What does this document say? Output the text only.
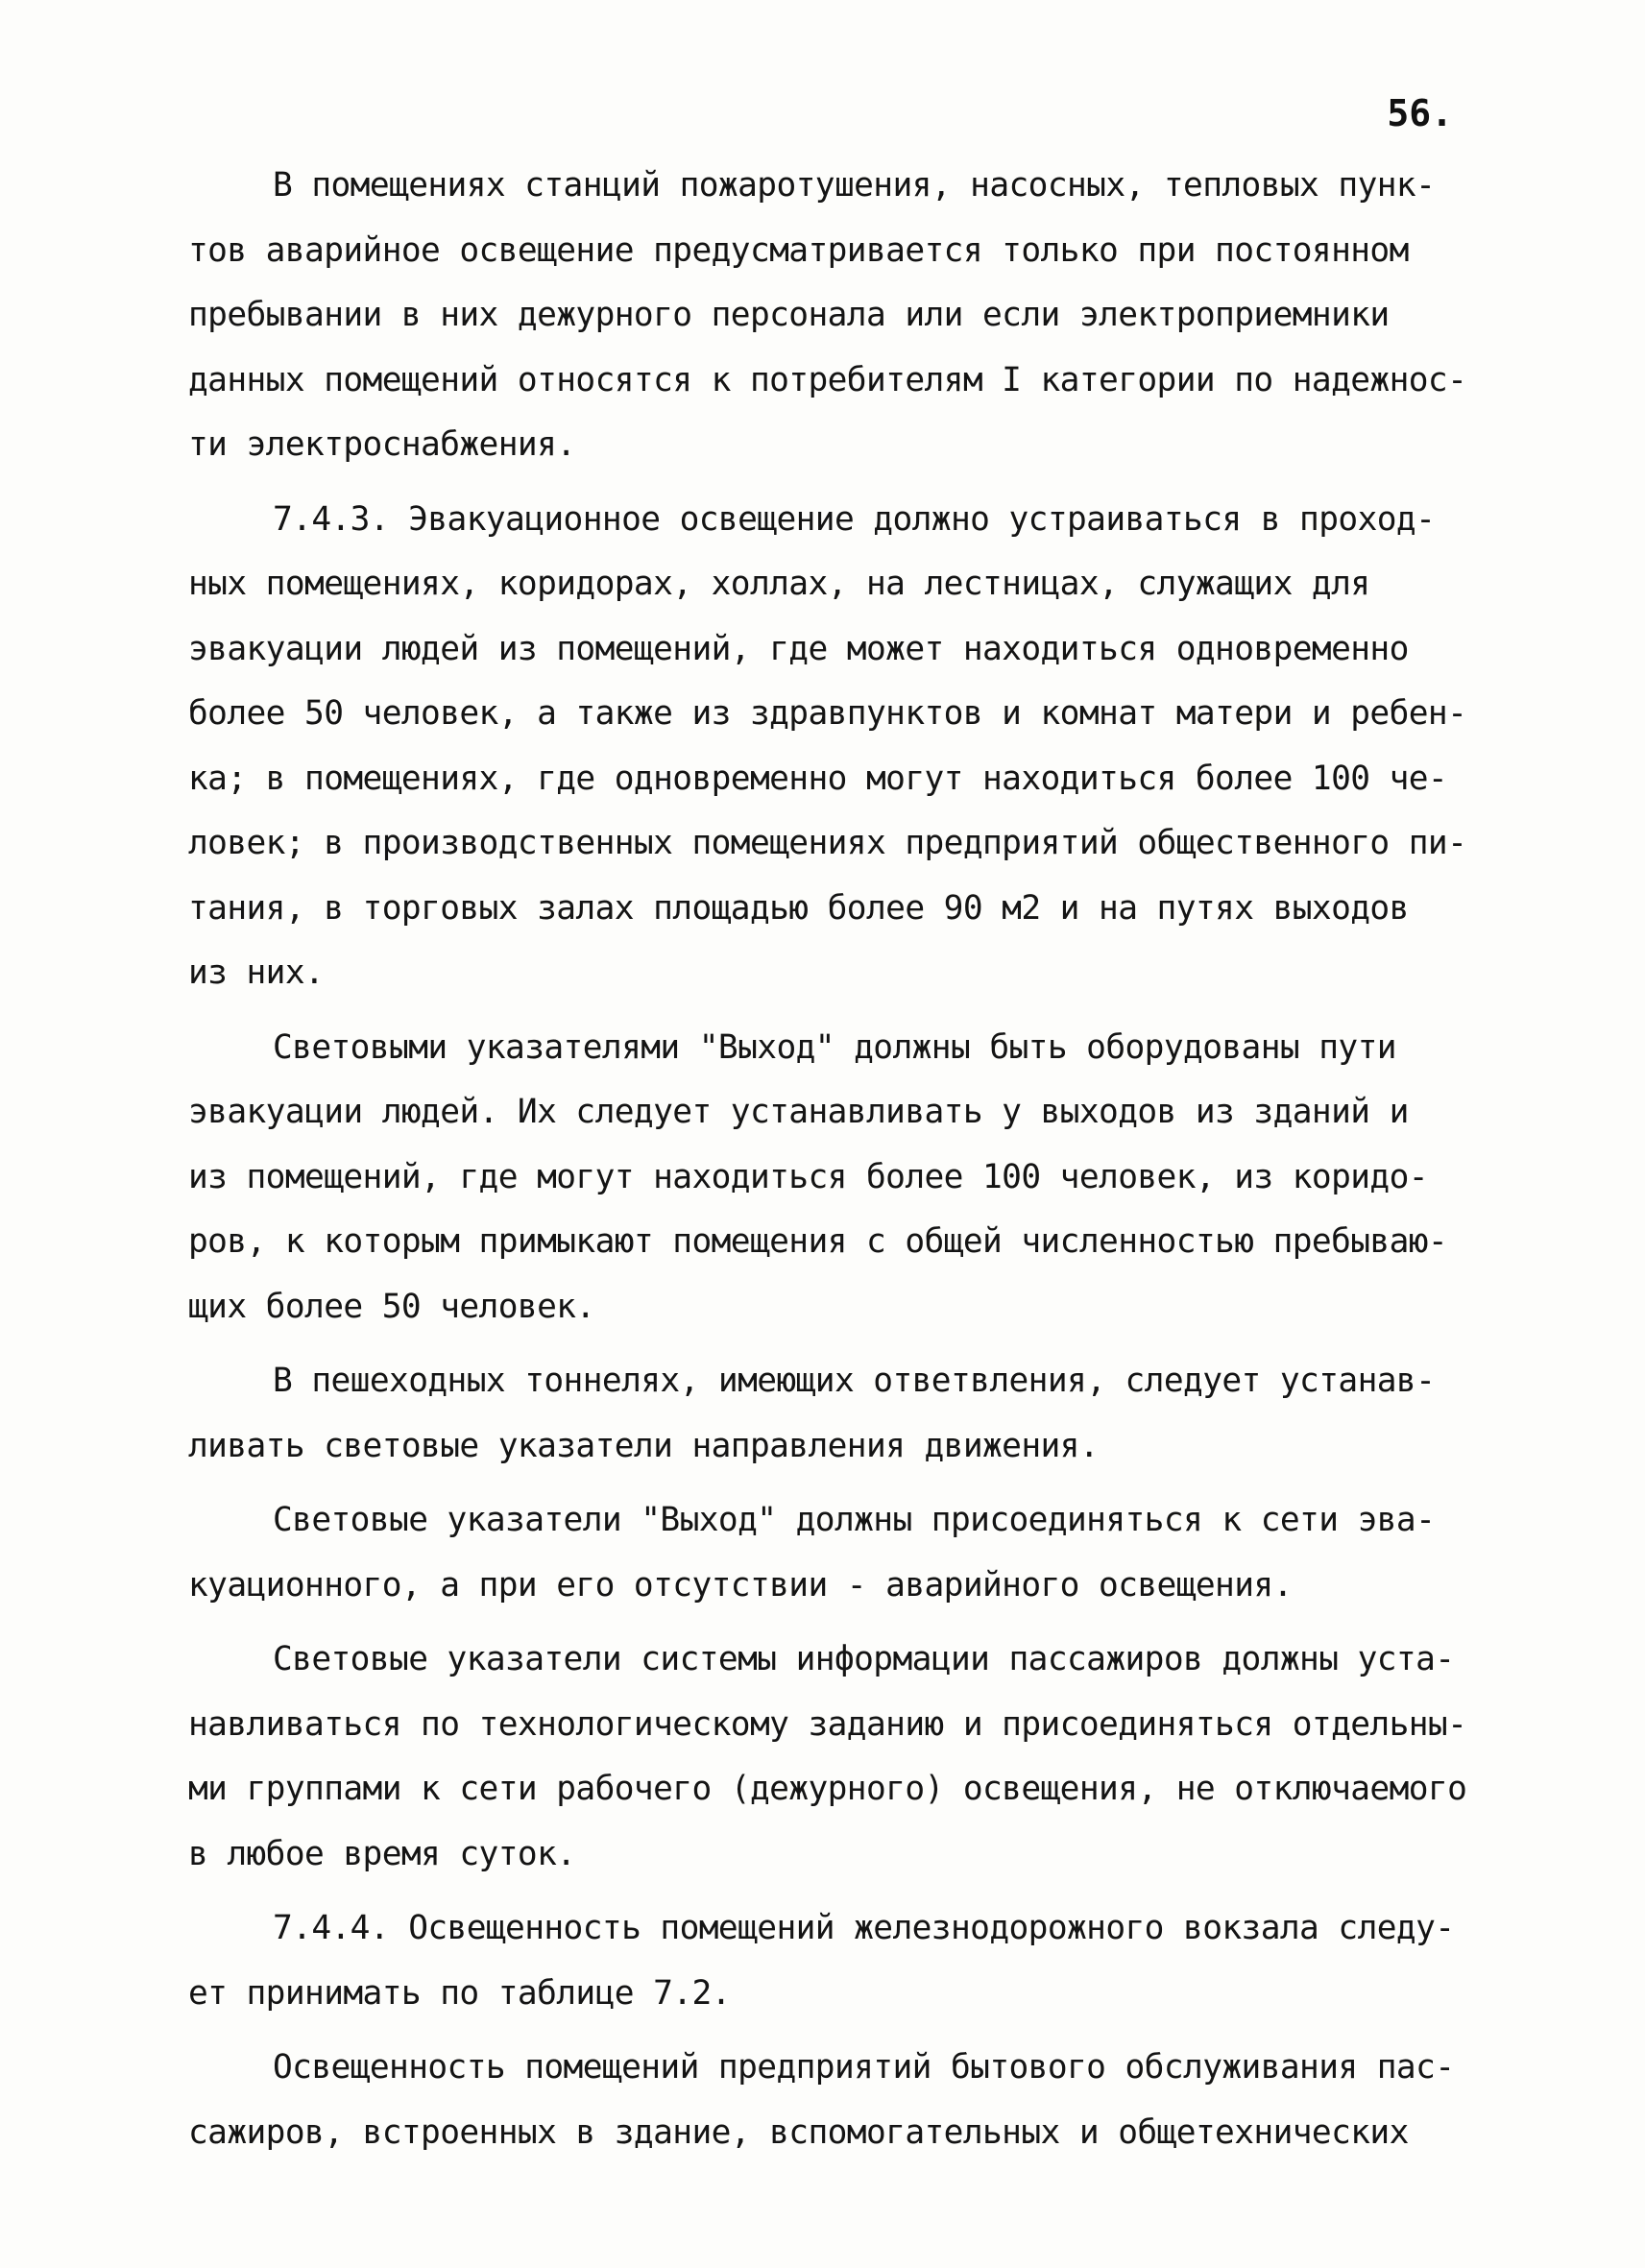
56.
В помещениях станций пожаротушения, насосных, тепловых пунк-
тов аварийное освещение предусматривается только при постоянном
пребывании в них дежурного персонала или если электроприемники
данных помещений относятся к потребителям I категории по надежнос-
ти электроснабжения.
7.4.3. Эвакуационное освещение должно устраиваться в проход-
ных помещениях, коридорах, холлах, на лестницах, служащих для
эвакуации людей из помещений, где может находиться одновременно
более 50 человек, а также из здравпунктов и комнат матери и ребен-
ка; в помещениях, где одновременно могут находиться более 100 че-
ловек; в производственных помещениях предприятий общественного пи-
тания, в торговых залах площадью более 90 м2 и на путях выходов
из них.
Световыми указателями "Выход" должны быть оборудованы пути
эвакуации людей. Их следует устанавливать у выходов из зданий и
из помещений, где могут находиться более 100 человек, из коридо-
ров, к которым примыкают помещения с общей численностью пребываю-
щих более 50 человек.
В пешеходных тоннелях, имеющих ответвления, следует устанав-
ливать световые указатели направления движения.
Световые указатели "Выход" должны присоединяться к сети эва-
куационного, а при его отсутствии - аварийного освещения.
Световые указатели системы информации пассажиров должны уста-
навливаться по технологическому заданию и присоединяться отдельны-
ми группами к сети рабочего (дежурного) освещения, не отключаемого
в любое время суток.
7.4.4. Освещенность помещений железнодорожного вокзала следу-
ет принимать по таблице 7.2.
Освещенность помещений предприятий бытового обслуживания пас-
сажиров, встроенных в здание, вспомогательных и общетехнических
